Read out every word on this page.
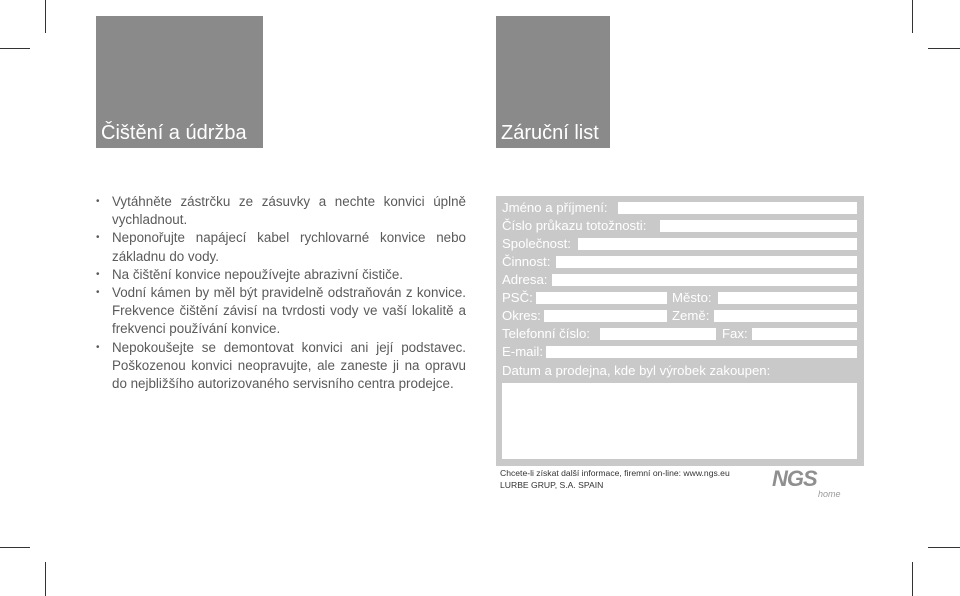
Čištění a údržba	Záruční list
• Vytáhněte zástrčku ze zásuvky a nechte konvici úplně vychladnout.

• Neponořujte napájecí kabel rychlovarné konvice nebo základnu do vody.

• Na čištění konvice nepoužívejte abrazivní čističe.

• Vodní kámen by měl být pravidelně odstraňován z konvice. Frekvence čištění závisí na tvrdosti vody ve vaší lokalitě a frekvenci používání konvice.

• Nepokoušejte se demontovat konvici ani její podstavec. Poškozenou konvici neopravujte, ale zaneste ji na opravu do nejbližšího autorizovaného servisního centra prodejce.

Jméno a příjmení:
Číslo průkazu totožnosti:
Společnost:
Činnost:
Adresa:
PSČ:	Město:
Okres:	Země:
Telefonní číslo:	Fax:
E-mail:
Datum a prodejna, kde byl výrobek zakoupen:
Chcete-li získat další informace, firemní on-line: www.ngs.eu
LURBE GRUP, S.A. SPAIN	NGS
home
